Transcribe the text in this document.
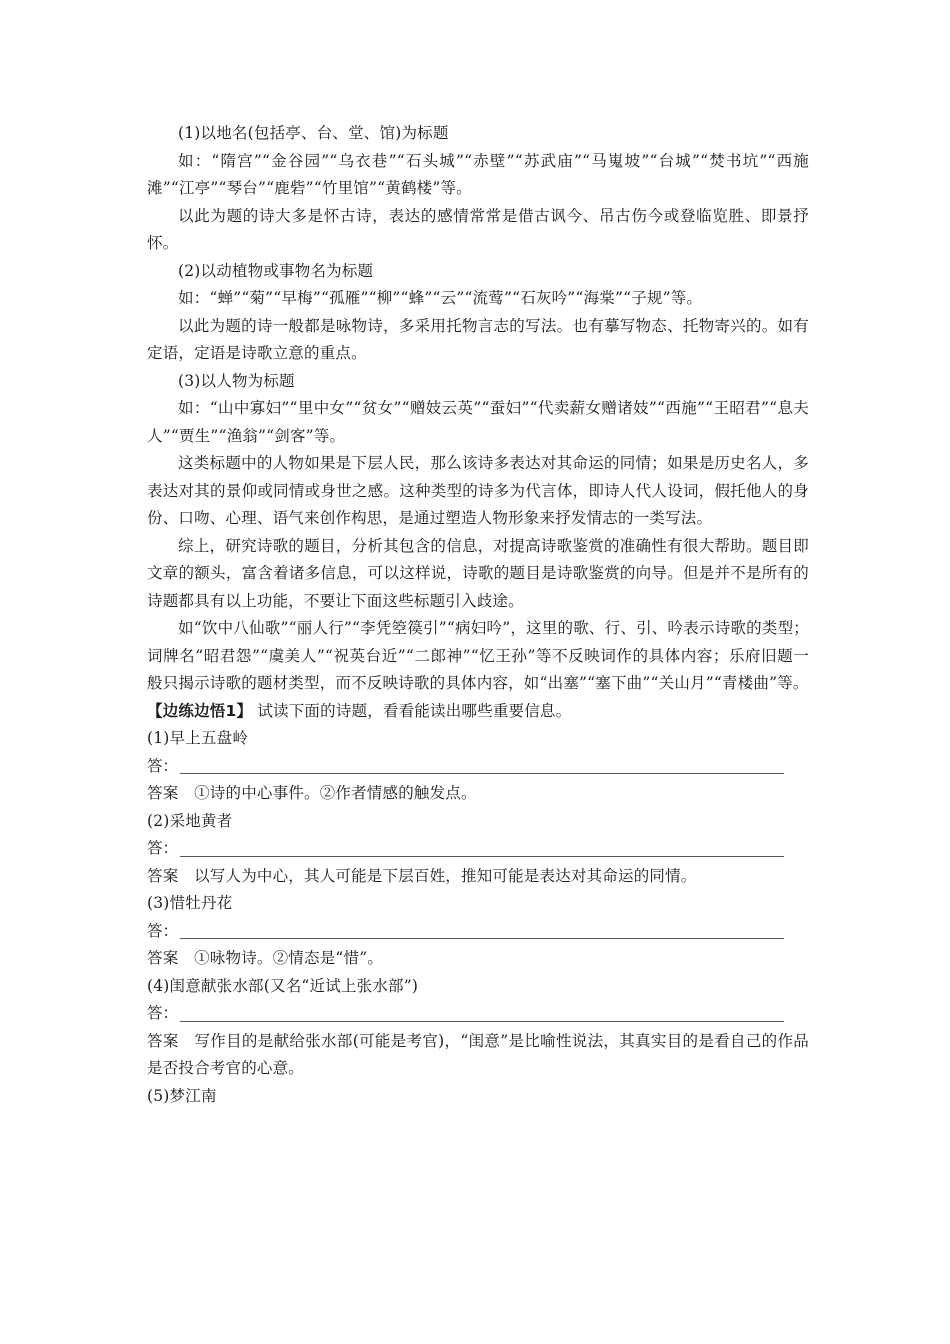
(1)以地名(包括亭、台、堂、馆)为标题

如：“隋宫”“金谷园”“乌衣巷”“石头城”“赤壁”“苏武庙”“马嵬坡”“台城”“焚书坑”“西施滩”“江亭”“琴台”“鹿砦”“竹里馆”“黄鹤楼”等。

以此为题的诗大多是怀古诗，表达的感情常常是借古讽今、吊古伤今或登临览胜、即景抒怀。

(2)以动植物或事物名为标题

如：“蝉”“菊”“早梅”“孤雁”“柳”“蜂”“云”“流莺”“石灰吟”“海棠”“子规”等。

以此为题的诗一般都是咏物诗，多采用托物言志的写法。也有摹写物态、托物寄兴的。如有定语，定语是诗歌立意的重点。

(3)以人物为标题

如：“山中寡妇”“里中女”“贫女”“赠妓云英”“蚕妇”“代卖薪女赠诸妓”“西施”“王昭君”“息夫人”“贾生”“渔翁”“剑客”等。

这类标题中的人物如果是下层人民，那么该诗多表达对其命运的同情；如果是历史名人，多表达对其的景仰或同情或身世之感。这种类型的诗多为代言体，即诗人代人设词，假托他人的身份、口吻、心理、语气来创作构思，是通过塑造人物形象来抒发情志的一类写法。

综上，研究诗歌的题目，分析其包含的信息，对提高诗歌鉴赏的准确性有很大帮助。题目即文章的额头，富含着诸多信息，可以这样说，诗歌的题目是诗歌鉴赏的向导。但是并不是所有的诗题都具有以上功能，不要让下面这些标题引入歧途。

如“饮中八仙歌”“丽人行”“李凭箜篌引”“病妇吟”，这里的歌、行、引、吟表示诗歌的类型；词牌名“昭君怨”“虞美人”“祝英台近”“二郎神”“忆王孙”等不反映词作的具体内容；乐府旧题一般只揭示诗歌的题材类型，而不反映诗歌的具体内容，如“出塞”“塞下曲”“关山月”“青楼曲”等。

【边练边悟1】 试读下面的诗题，看看能读出哪些重要信息。

(1)早上五盘岭

答：

答案　①诗的中心事件。②作者情感的触发点。

(2)采地黄者

答：

答案　以写人为中心，其人可能是下层百姓，推知可能是表达对其命运的同情。

(3)惜牡丹花

答：

答案　①咏物诗。②情态是“惜”。

(4)闺意献张水部(又名“近试上张水部”)

答：

答案　写作目的是献给张水部(可能是考官)，“闺意”是比喻性说法，其真实目的是看自己的作品是否投合考官的心意。

(5)梦江南
